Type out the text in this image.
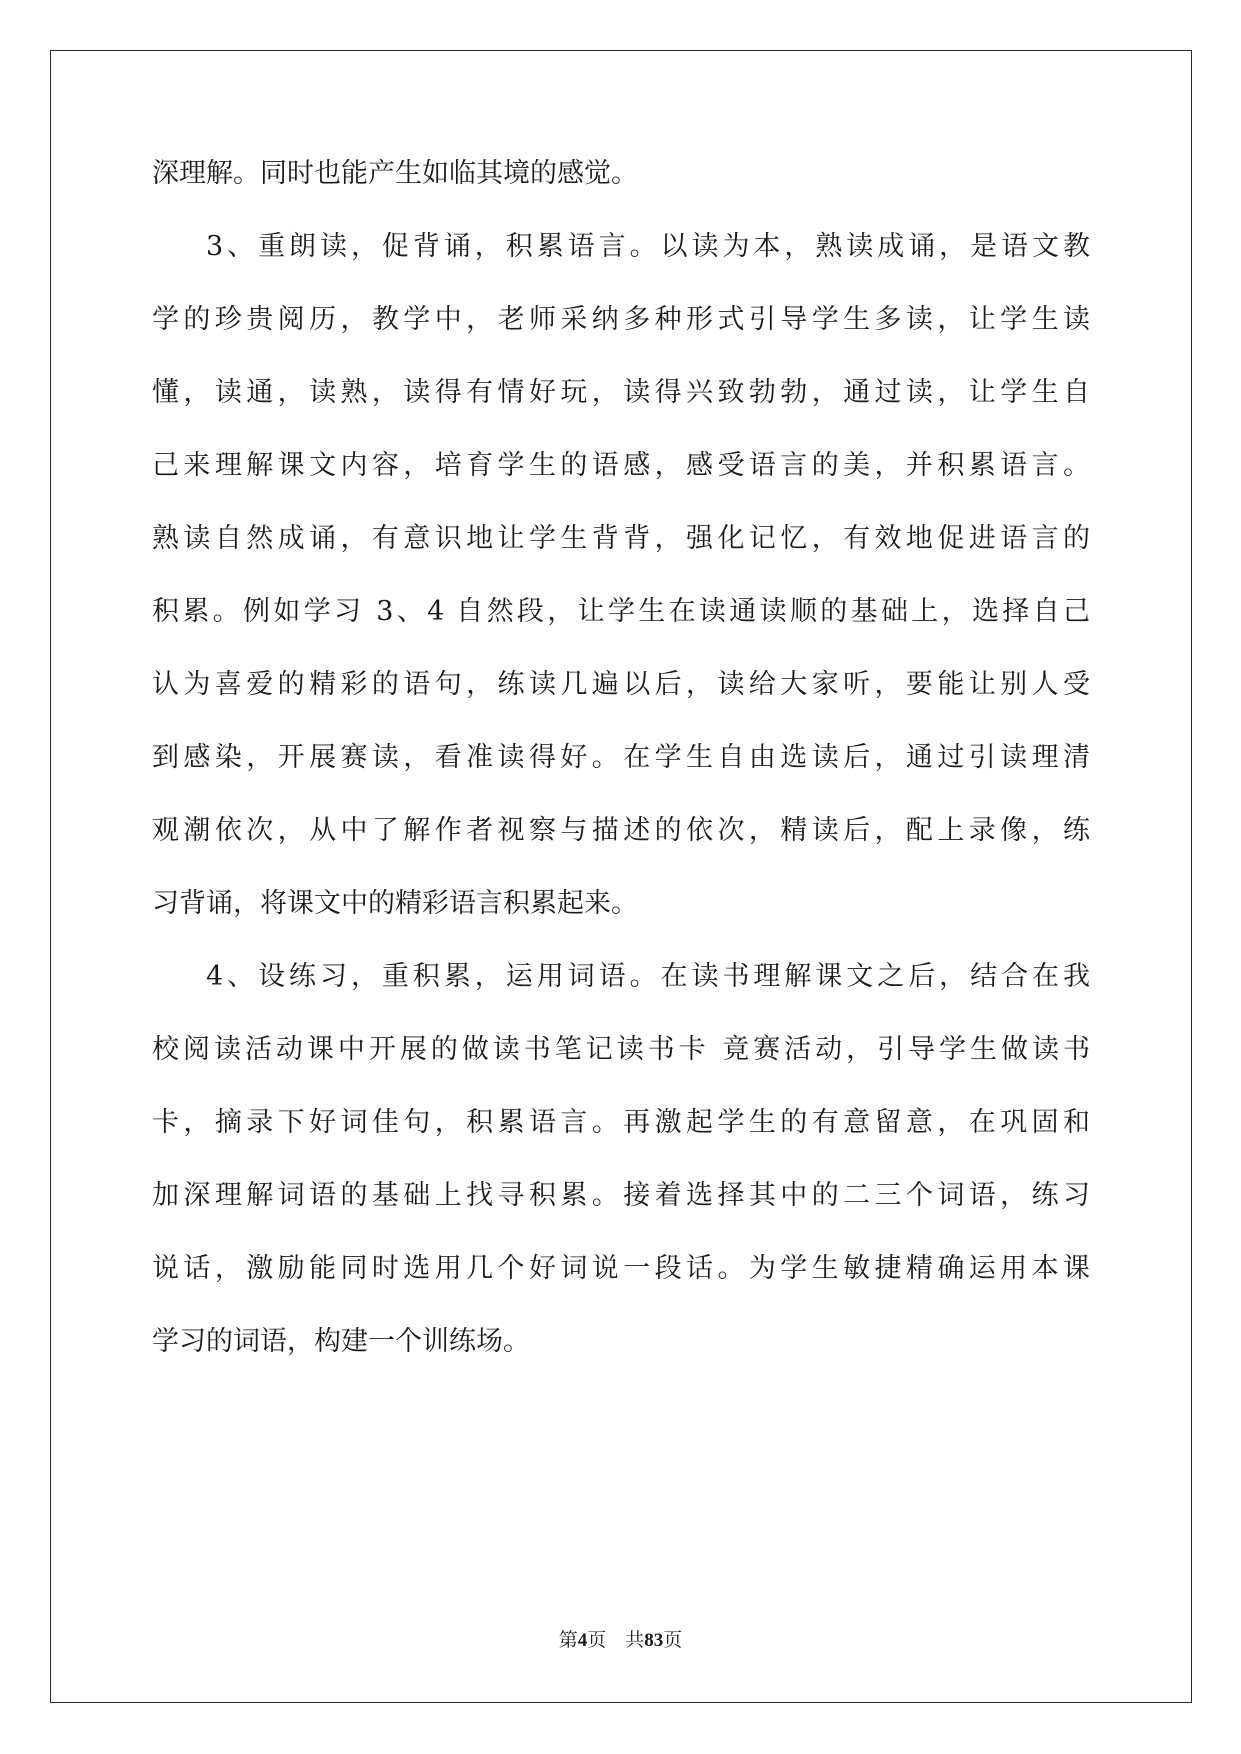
深理解。同时也能产生如临其境的感觉。
3、重朗读，促背诵，积累语言。以读为本，熟读成诵，是语文教
学的珍贵阅历，教学中，老师采纳多种形式引导学生多读，让学生读
懂，读通，读熟，读得有情好玩，读得兴致勃勃，通过读，让学生自
己来理解课文内容，培育学生的语感，感受语言的美，并积累语言。
熟读自然成诵，有意识地让学生背背，强化记忆，有效地促进语言的
积累。例如学习 3、4 自然段，让学生在读通读顺的基础上，选择自己
认为喜爱的精彩的语句，练读几遍以后，读给大家听，要能让别人受
到感染，开展赛读，看准读得好。在学生自由选读后，通过引读理清
观潮依次，从中了解作者视察与描述的依次，精读后，配上录像，练
习背诵，将课文中的精彩语言积累起来。
4、设练习，重积累，运用词语。在读书理解课文之后，结合在我
校阅读活动课中开展的做读书笔记读书卡 竟赛活动，引导学生做读书
卡，摘录下好词佳句，积累语言。再激起学生的有意留意，在巩固和
加深理解词语的基础上找寻积累。接着选择其中的二三个词语，练习
说话，激励能同时选用几个好词说一段话。为学生敏捷精确运用本课
学习的词语，构建一个训练场。
第4页 共83页
